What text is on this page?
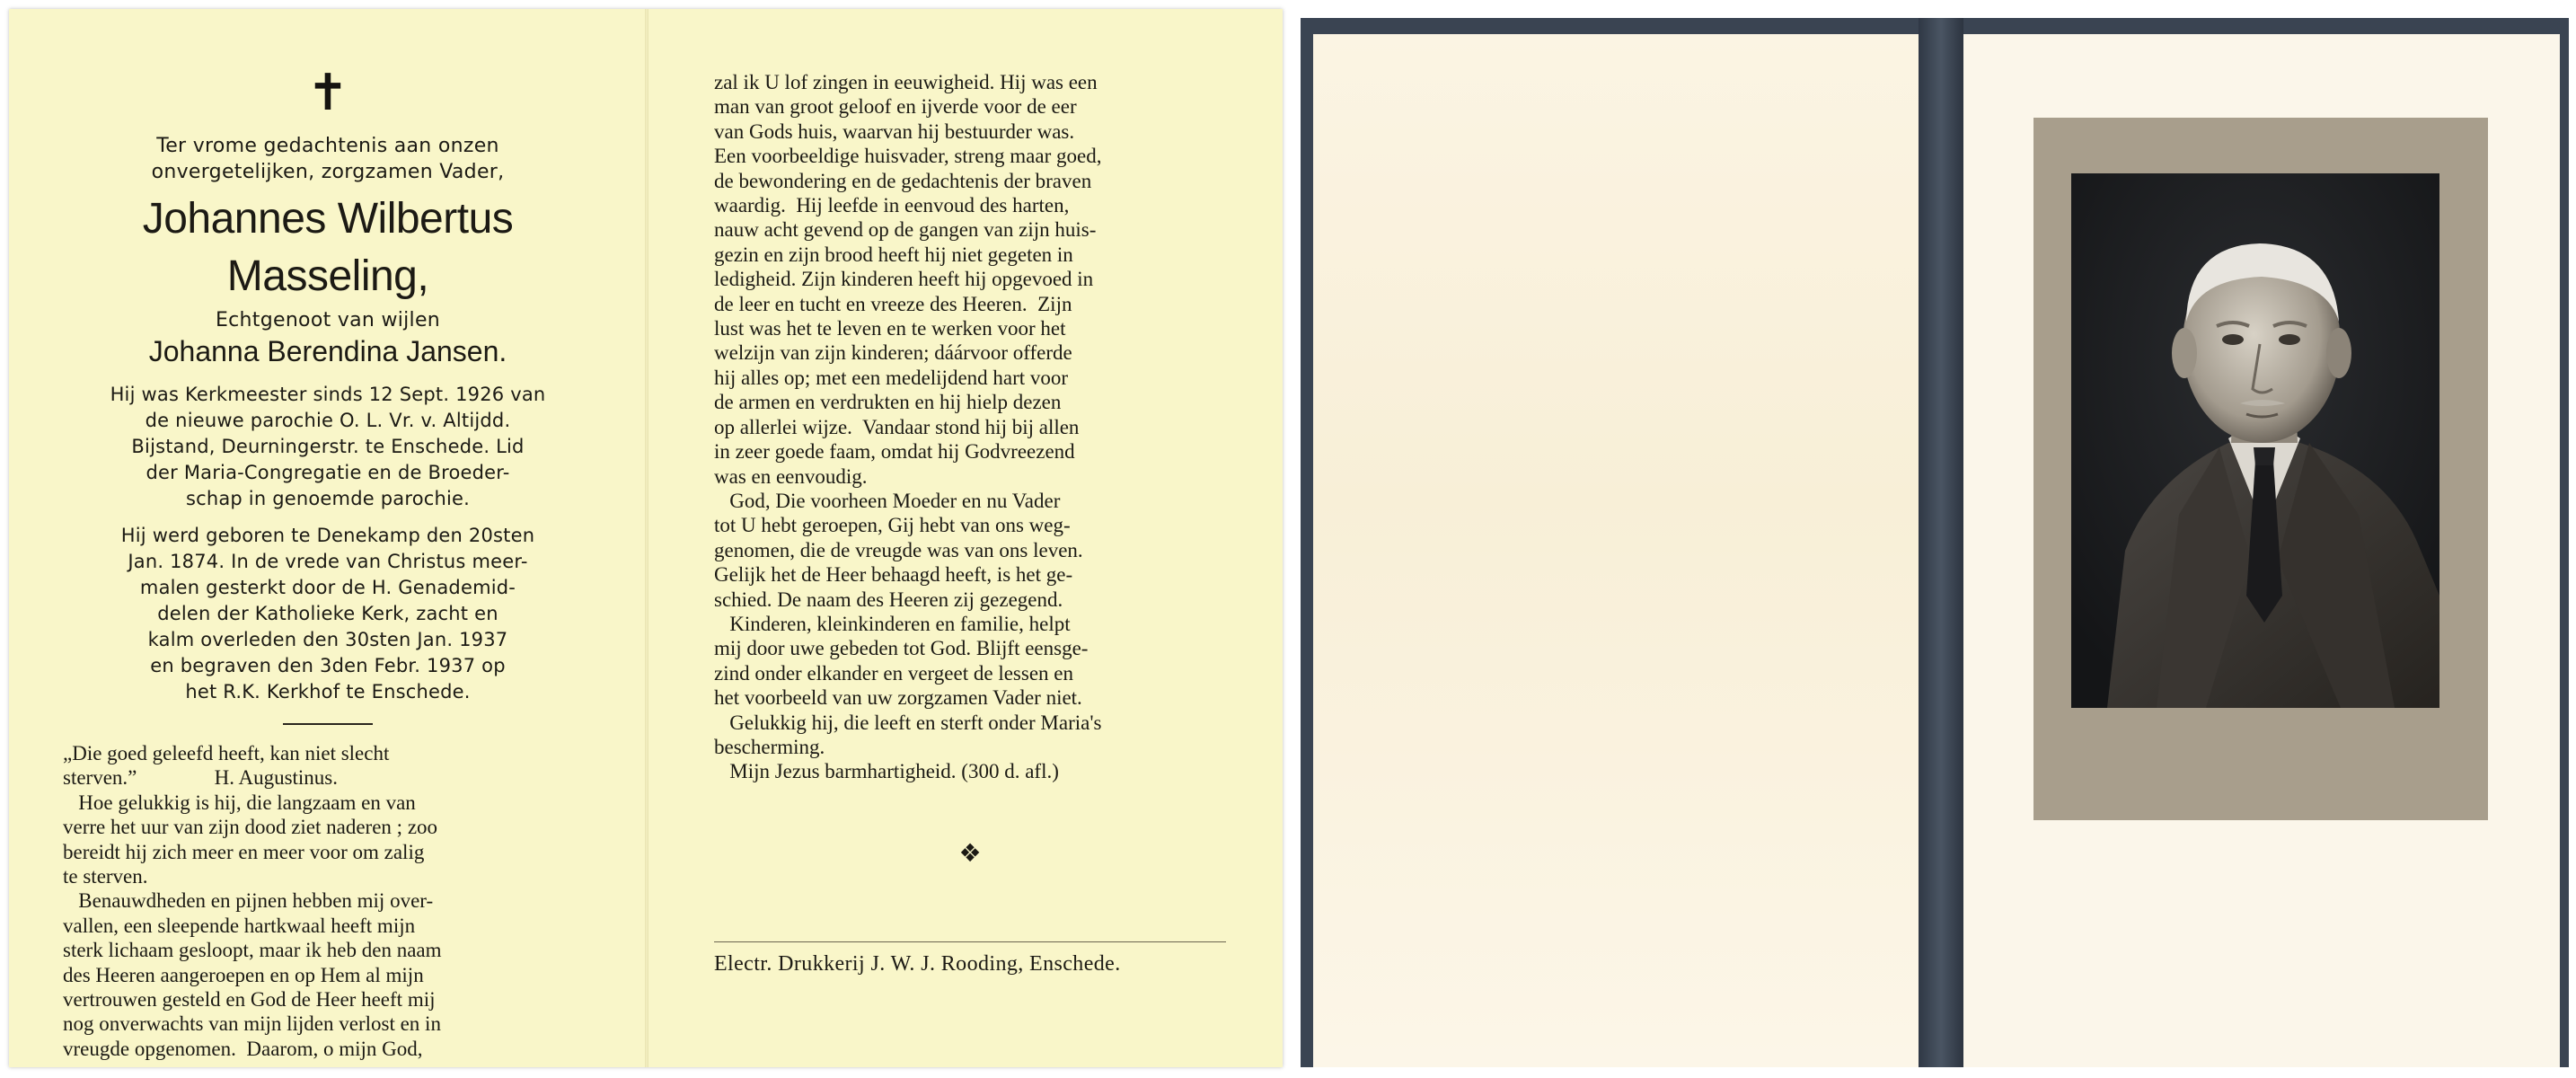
✝
Ter vrome gedachtenis aan onzen
onvergetelijken, zorgzamen Vader,
Johannes Wilbertus Masseling,
Echtgenoot van wijlen
Johanna Berendina Jansen.
Hij was Kerkmeester sinds 12 Sept. 1926 van
de nieuwe parochie O. L. Vr. v. Altijdd.
Bijstand, Deurningerstr. te Enschede. Lid
der Maria-Congregatie en de Broeder-
schap in genoemde parochie.
Hij werd geboren te Denekamp den 20sten
Jan. 1874. In de vrede van Christus meer-
malen gesterkt door de H. Genademid-
delen der Katholieke Kerk, zacht en
kalm overleden den 30sten Jan. 1937
en begraven den 3den Febr. 1937 op
het R.K. Kerkhof te Enschede.
„Die goed geleefd heeft, kan niet slecht
sterven.”               H. Augustinus.
Hoe gelukkig is hij, die langzaam en van
verre het uur van zijn dood ziet naderen ; zoo
bereidt hij zich meer en meer voor om zalig
te sterven.
Benauwdheden en pijnen hebben mij over-
vallen, een sleepende hartkwaal heeft mijn
sterk lichaam gesloopt, maar ik heb den naam
des Heeren aangeroepen en op Hem al mijn
vertrouwen gesteld en God de Heer heeft mij
nog onverwachts van mijn lijden verlost en in
vreugde opgenomen.  Daarom, o mijn God,
zal ik U lof zingen in eeuwigheid. Hij was een
man van groot geloof en ijverde voor de eer
van Gods huis, waarvan hij bestuurder was.
Een voorbeeldige huisvader, streng maar goed,
de bewondering en de gedachtenis der braven
waardig.  Hij leefde in eenvoud des harten,
nauw acht gevend op de gangen van zijn huis-
gezin en zijn brood heeft hij niet gegeten in
ledigheid. Zijn kinderen heeft hij opgevoed in
de leer en tucht en vreeze des Heeren.  Zijn
lust was het te leven en te werken voor het
welzijn van zijn kinderen; dáárvoor offerde
hij alles op; met een medelijdend hart voor
de armen en verdrukten en hij hielp dezen
op allerlei wijze.  Vandaar stond hij bij allen
in zeer goede faam, omdat hij Godvreezend
was en eenvoudig.
God, Die voorheen Moeder en nu Vader
tot U hebt geroepen, Gij hebt van ons weg-
genomen, die de vreugde was van ons leven.
Gelijk het de Heer behaagd heeft, is het ge-
schied. De naam des Heeren zij gezegend.
Kinderen, kleinkinderen en familie, helpt
mij door uwe gebeden tot God. Blijft eensge-
zind onder elkander en vergeet de lessen en
het voorbeeld van uw zorgzamen Vader niet.
Gelukkig hij, die leeft en sterft onder Maria's
bescherming.
Mijn Jezus barmhartigheid. (300 d. afl.)
❖
Electr. Drukkerij J. W. J. Rooding, Enschede.
